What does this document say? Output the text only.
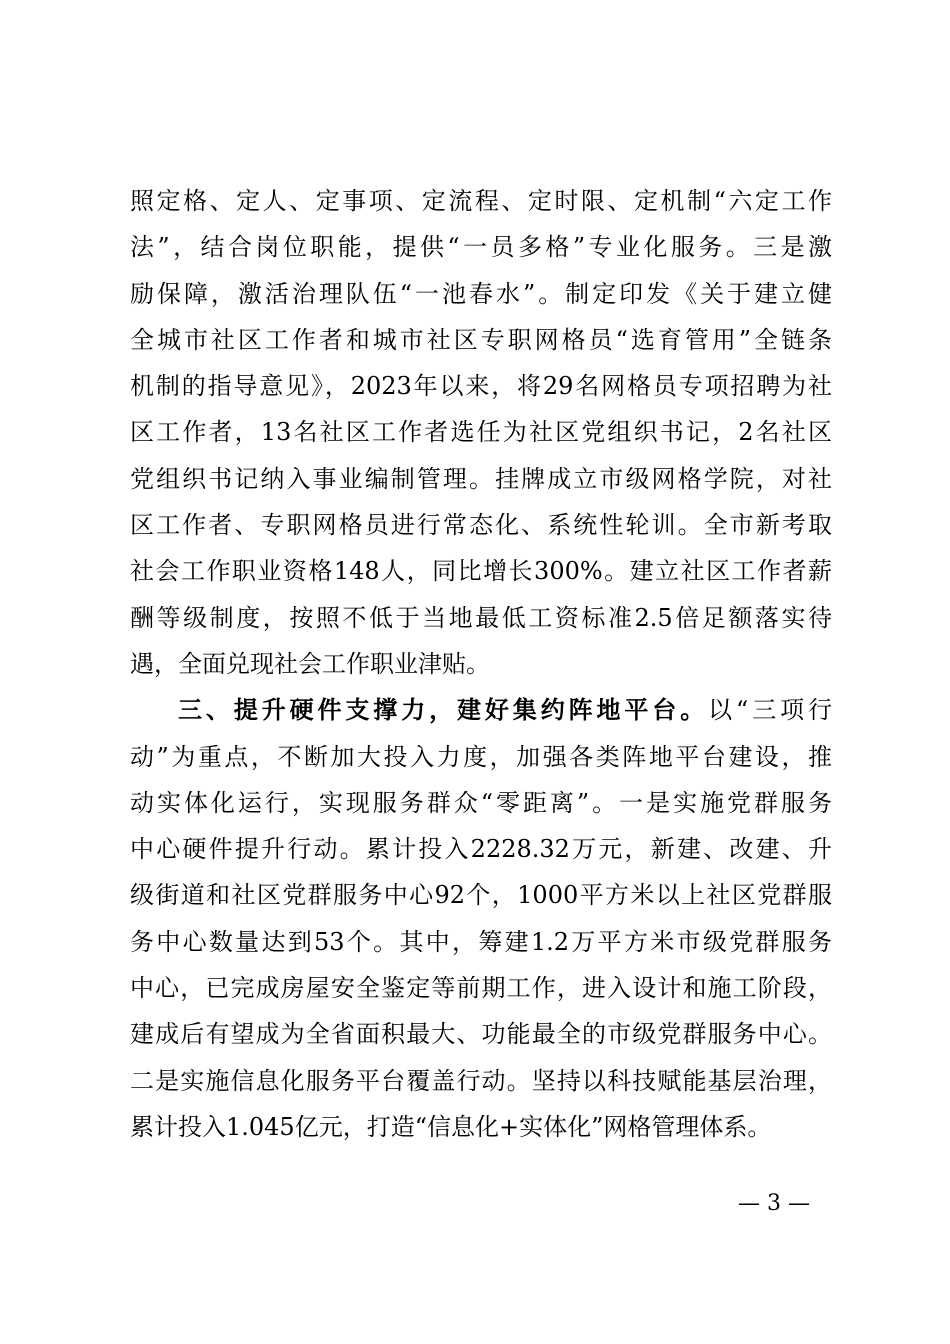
照定格、定人、定事项、定流程、定时限、定机制“六定工作
法”，结合岗位职能，提供“一员多格”专业化服务。三是激
励保障，激活治理队伍“一池春水”。制定印发《关于建立健
全城市社区工作者和城市社区专职网格员“选育管用”全链条
机制的指导意见》，2023年以来，将29名网格员专项招聘为社
区工作者，13名社区工作者选任为社区党组织书记，2名社区
党组织书记纳入事业编制管理。挂牌成立市级网格学院，对社
区工作者、专职网格员进行常态化、系统性轮训。全市新考取
社会工作职业资格148人，同比增长300%。建立社区工作者薪
酬等级制度，按照不低于当地最低工资标准2.5倍足额落实待
遇，全面兑现社会工作职业津贴。
三、提升硬件支撑力，建好集约阵地平台。以“三项行
动”为重点，不断加大投入力度，加强各类阵地平台建设，推
动实体化运行，实现服务群众“零距离”。一是实施党群服务
中心硬件提升行动。累计投入2228.32万元，新建、改建、升
级街道和社区党群服务中心92个，1000平方米以上社区党群服
务中心数量达到53个。其中，筹建1.2万平方米市级党群服务
中心，已完成房屋安全鉴定等前期工作，进入设计和施工阶段，
建成后有望成为全省面积最大、功能最全的市级党群服务中心。
二是实施信息化服务平台覆盖行动。坚持以科技赋能基层治理，
累计投入1.045亿元，打造“信息化+实体化”网格管理体系。
— 3 —
